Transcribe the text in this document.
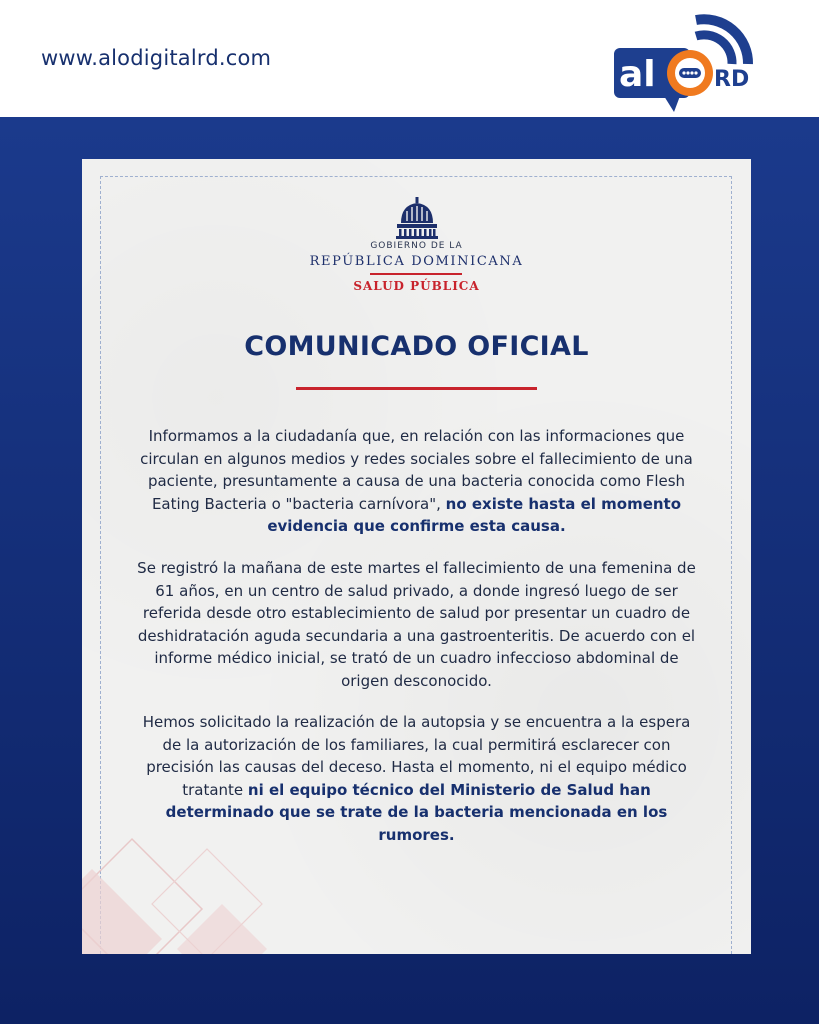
www.alodigitalrd.com	al	RD
GOBIERNO DE LA
REPÚBLICA DOMINICANA
SALUD PÚBLICA
COMUNICADO OFICIAL
Informamos a la ciudadanía que, en relación con las informaciones que circulan en algunos medios y redes sociales sobre el fallecimiento de una paciente, presuntamente a causa de una bacteria conocida como Flesh Eating Bacteria o "bacteria carnívora", no existe hasta el momento evidencia que confirme esta causa.
Se registró la mañana de este martes el fallecimiento de una femenina de 61 años, en un centro de salud privado, a donde ingresó luego de ser referida desde otro establecimiento de salud por presentar un cuadro de deshidratación aguda secundaria a una gastroenteritis. De acuerdo con el informe médico inicial, se trató de un cuadro infeccioso abdominal de origen desconocido.
Hemos solicitado la realización de la autopsia y se encuentra a la espera de la autorización de los familiares, la cual permitirá esclarecer con precisión las causas del deceso. Hasta el momento, ni el equipo médico tratante ni el equipo técnico del Ministerio de Salud han determinado que se trate de la bacteria mencionada en los rumores.
